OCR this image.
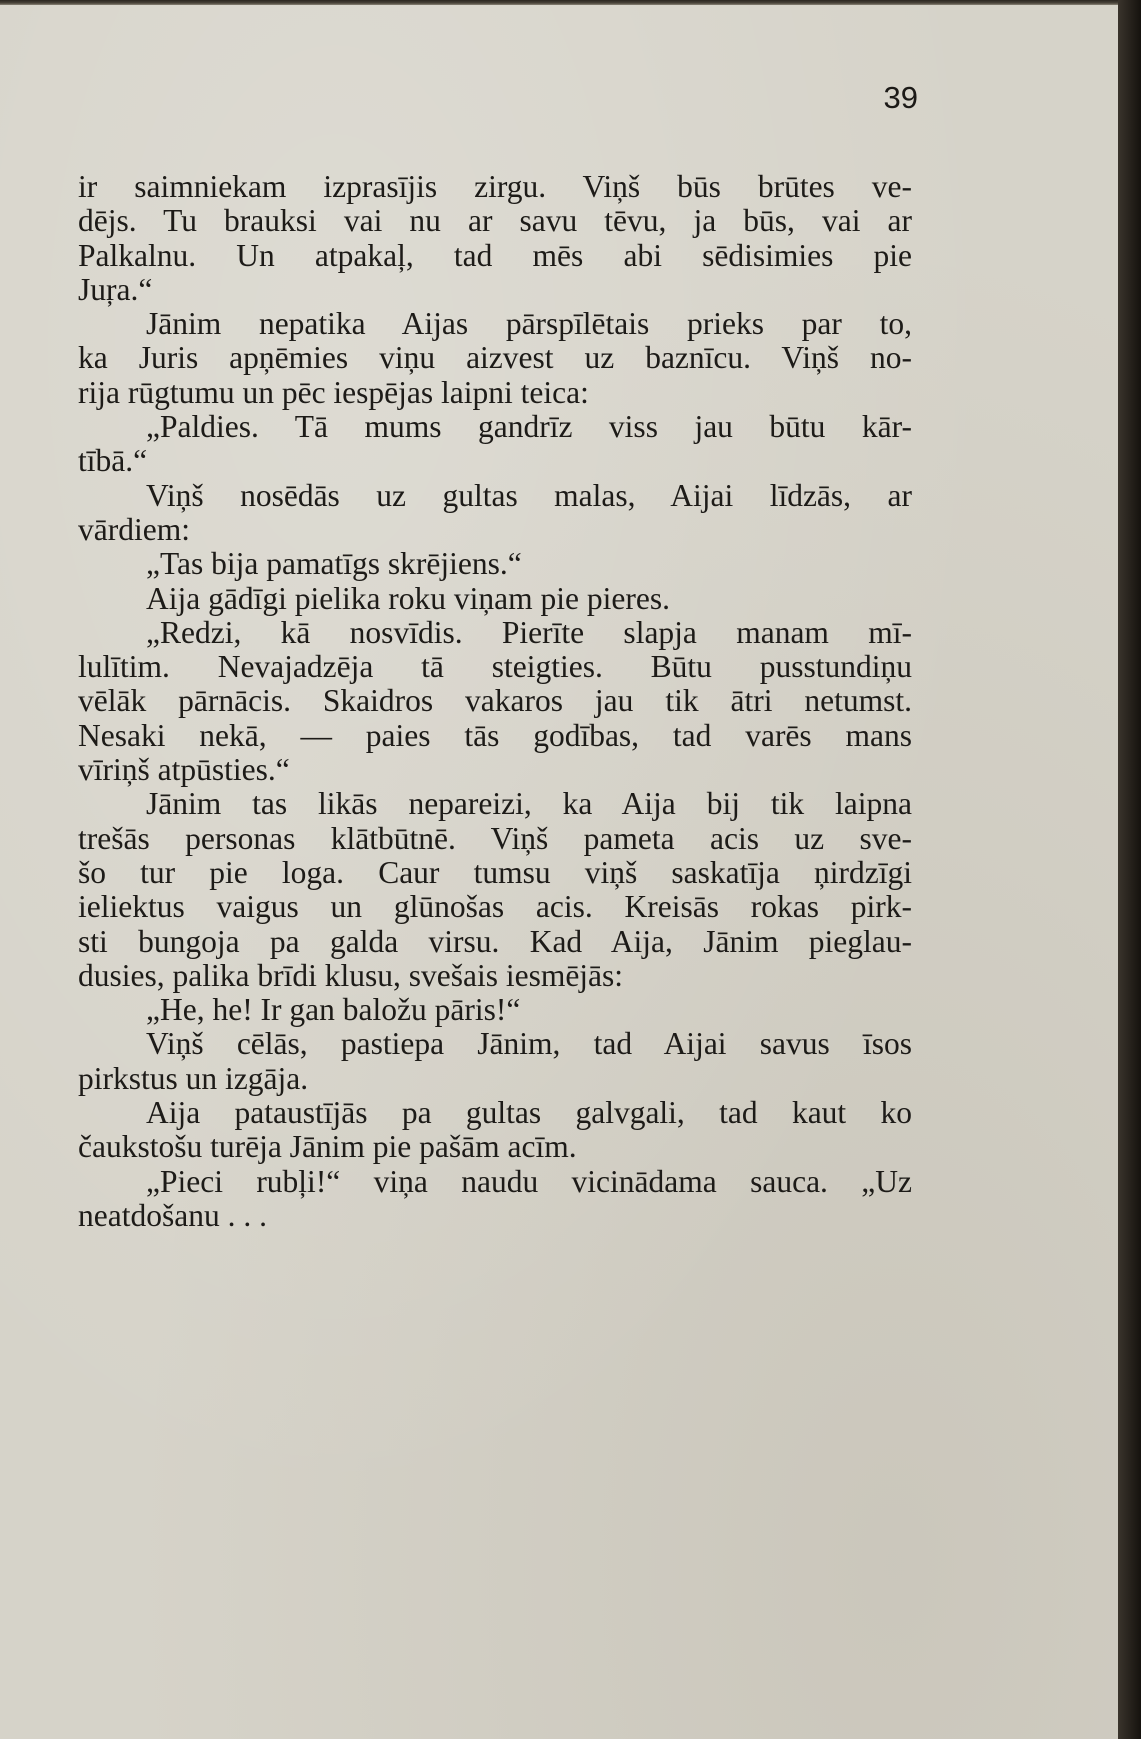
39
ir saimniekam izprasījis zirgu. Viņš būs brūtes ve-
dējs. Tu brauksi vai nu ar savu tēvu, ja būs, vai ar
Palkalnu. Un atpakaļ, tad mēs abi sēdisimies pie
Juŗa.“
Jānim nepatika Aijas pārspīlētais prieks par to,
ka Juris apņēmies viņu aizvest uz baznīcu. Viņš no-
rija rūgtumu un pēc iespējas laipni teica:
„Paldies. Tā mums gandrīz viss jau būtu kār-
tībā.“
Viņš nosēdās uz gultas malas, Aijai līdzās, ar
vārdiem:
„Tas bija pamatīgs skrējiens.“
Aija gādīgi pielika roku viņam pie pieres.
„Redzi, kā nosvīdis. Pierīte slapja manam mī-
lulītim. Nevajadzēja tā steigties. Būtu pusstundiņu
vēlāk pārnācis. Skaidros vakaros jau tik ātri netumst.
Nesaki nekā, — paies tās godības, tad varēs mans
vīriņš atpūsties.“
Jānim tas likās nepareizi, ka Aija bij tik laipna
trešās personas klātbūtnē. Viņš pameta acis uz sve-
šo tur pie loga. Caur tumsu viņš saskatīja ņirdzīgi
ieliektus vaigus un glūnošas acis. Kreisās rokas pirk-
sti bungoja pa galda virsu. Kad Aija, Jānim pieglau-
dusies, palika brīdi klusu, svešais iesmējās:
„He, he! Ir gan baložu pāris!“
Viņš cēlās, pastiepa Jānim, tad Aijai savus īsos
pirkstus un izgāja.
Aija pataustījās pa gultas galvgali, tad kaut ko
čaukstošu turēja Jānim pie pašām acīm.
„Pieci rubļi!“ viņa naudu vicinādama sauca. „Uz
neatdošanu . . .
